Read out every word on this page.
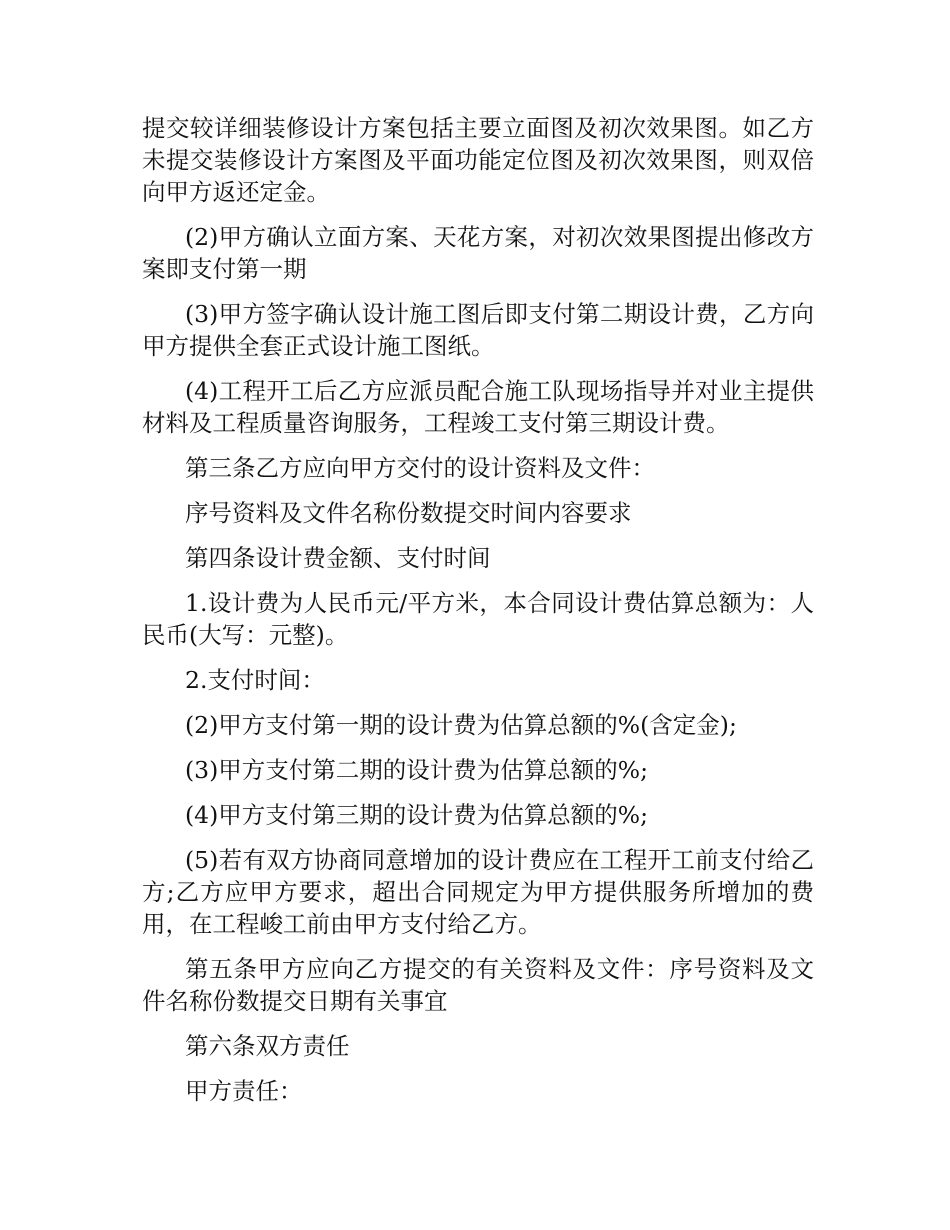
提交较详细装修设计方案包括主要立面图及初次效果图。如乙方未提交装修设计方案图及平面功能定位图及初次效果图，则双倍向甲方返还定金。

(2)甲方确认立面方案、天花方案，对初次效果图提出修改方案即支付第一期

(3)甲方签字确认设计施工图后即支付第二期设计费，乙方向甲方提供全套正式设计施工图纸。

(4)工程开工后乙方应派员配合施工队现场指导并对业主提供材料及工程质量咨询服务，工程竣工支付第三期设计费。

第三条乙方应向甲方交付的设计资料及文件：

序号资料及文件名称份数提交时间内容要求

第四条设计费金额、支付时间

1.设计费为人民币元/平方米，本合同设计费估算总额为：人民币(大写：元整)。

2.支付时间：

(2)甲方支付第一期的设计费为估算总额的%(含定金);

(3)甲方支付第二期的设计费为估算总额的%;

(4)甲方支付第三期的设计费为估算总额的%;

(5)若有双方协商同意增加的设计费应在工程开工前支付给乙方;乙方应甲方要求，超出合同规定为甲方提供服务所增加的费用，在工程峻工前由甲方支付给乙方。

第五条甲方应向乙方提交的有关资料及文件：序号资料及文件名称份数提交日期有关事宜

第六条双方责任

甲方责任：
